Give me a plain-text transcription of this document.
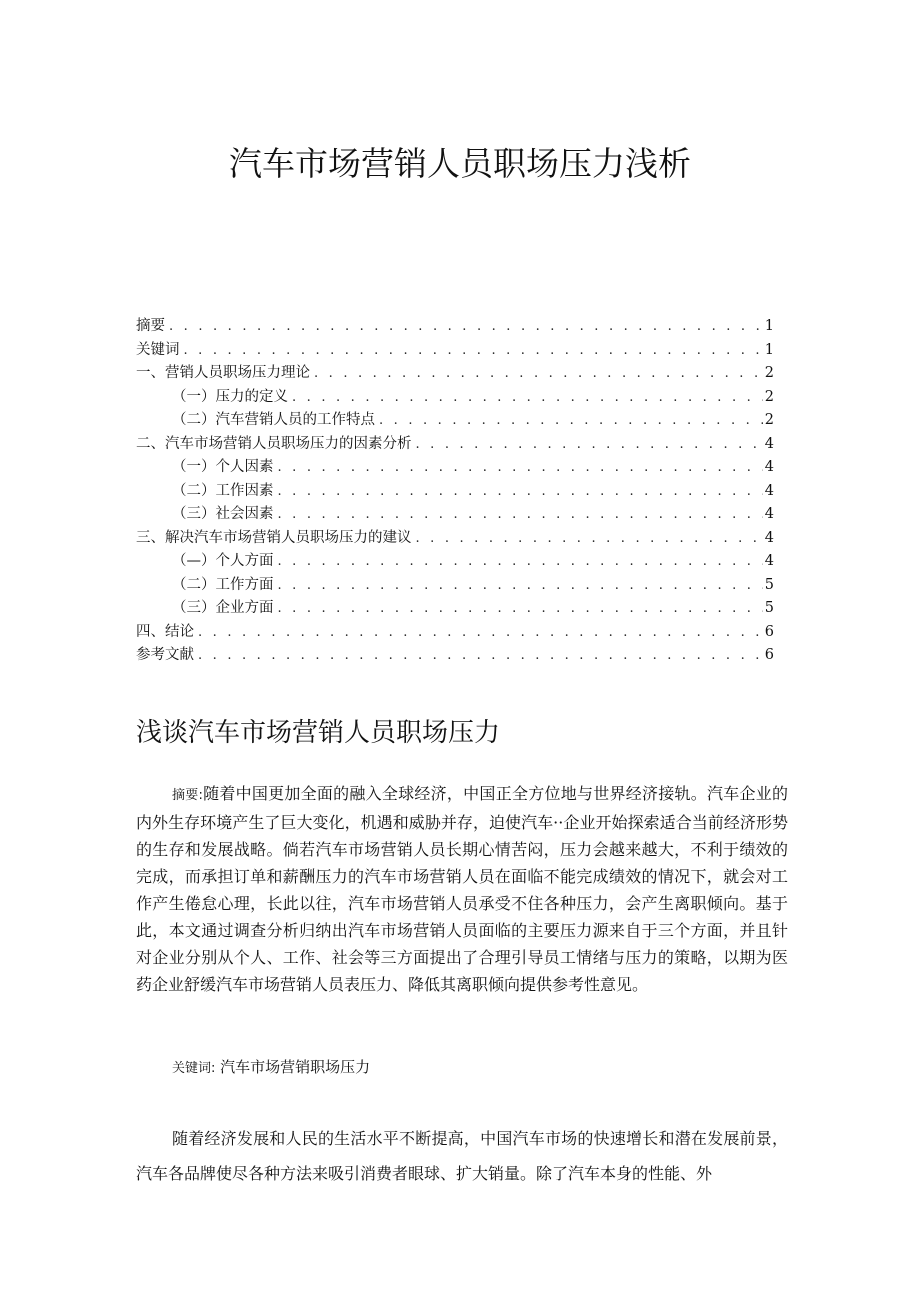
汽车市场营销人员职场压力浅析
摘要 . . .	1
关键词 . . .	1
一、营销人员职场压力理论 . . .	2
（一）压力的定义 . . .	2
（二）汽车营销人员的工作特点 . . .	2
二、汽车市场营销人员职场压力的因素分析 . . .	4
（一）个人因素 . . .	4
（二）工作因素 . . .	4
（三）社会因素 . . .	4
三、解决汽车市场营销人员职场压力的建议 . . .	4
（—）个人方面 . . .	4
（二）工作方面 . . .	5
（三）企业方面 . . .	5
四、结论 . . .	6
参考文献 . . .	6
浅谈汽车市场营销人员职场压力

摘要:随着中国更加全面的融入全球经济，中国正全方位地与世界经济接轨。汽车企业的内外生存环境产生了巨大变化，机遇和威胁并存，迫使汽车··企业开始探索适合当前经济形势的生存和发展战略。倘若汽车市场营销人员长期心情苦闷，压力会越来越大，不利于绩效的完成，而承担订单和薪酬压力的汽车市场营销人员在面临不能完成绩效的情况下，就会对工作产生倦怠心理，长此以往，汽车市场营销人员承受不住各种压力，会产生离职倾向。基于此，本文通过调查分析归纳出汽车市场营销人员面临的主要压力源来自于三个方面，并且针对企业分别从个人、工作、社会等三方面提出了合理引导员工情绪与压力的策略，以期为医药企业舒缓汽车市场营销人员表压力、降低其离职倾向提供参考性意见。

关键词: 汽车市场营销职场压力

随着经济发展和人民的生活水平不断提高，中国汽车市场的快速增长和潜在发展前景，汽车各品牌使尽各种方法来吸引消费者眼球、扩大销量。除了汽车本身的性能、外
